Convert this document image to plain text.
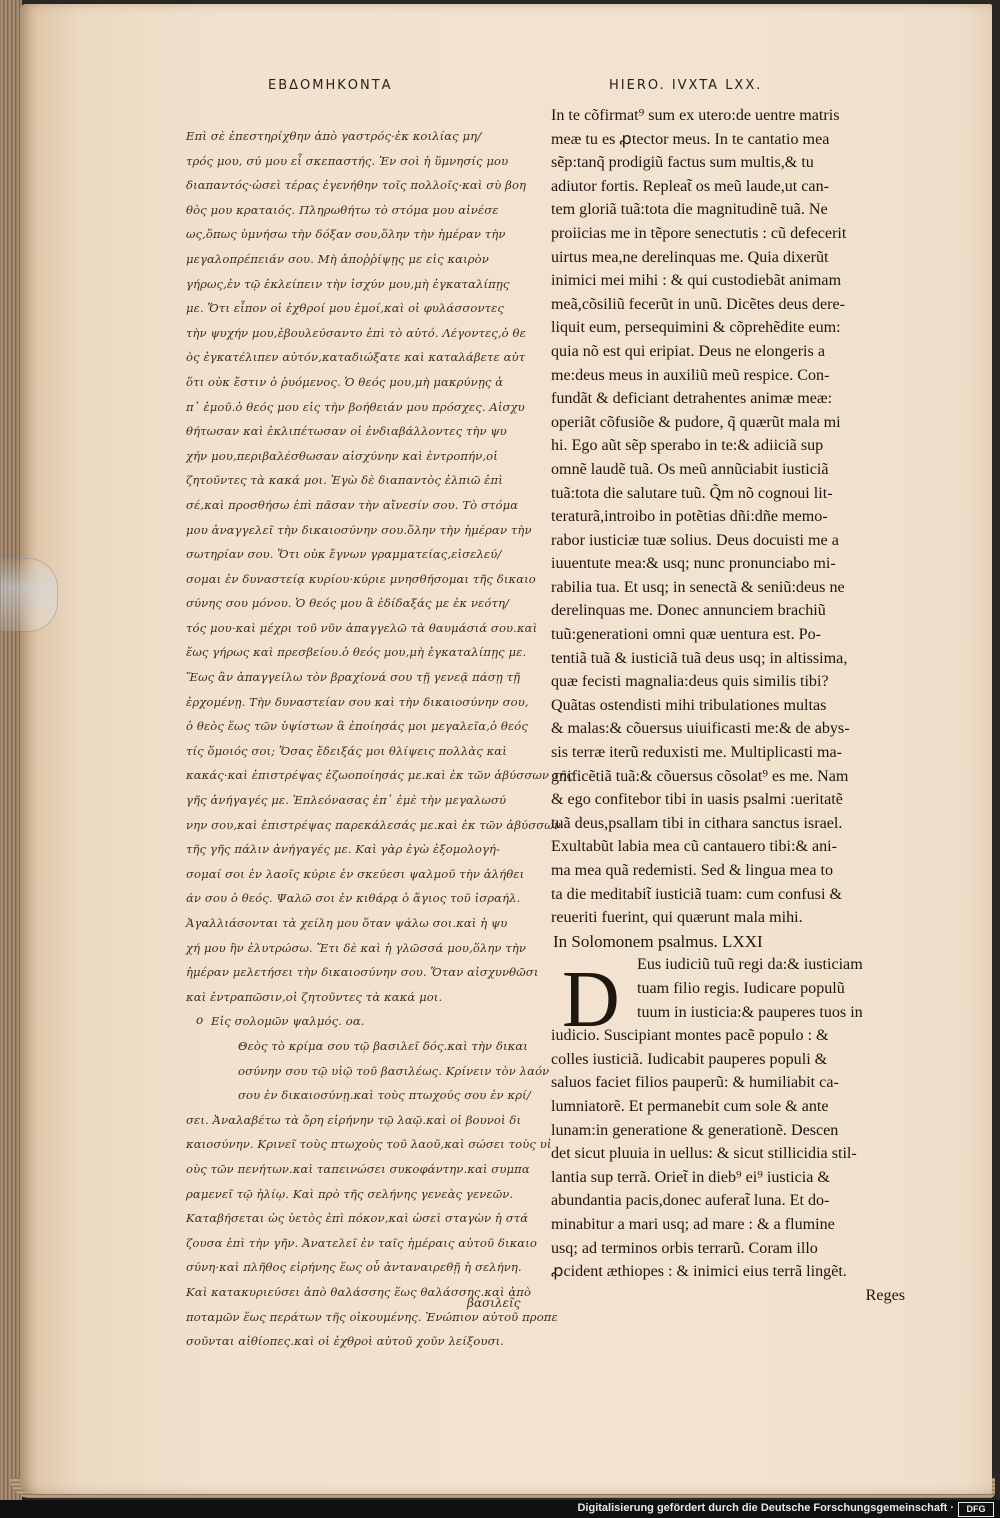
ΕΒΔΟΜΗΚΟΝΤΑ	HIERO. IVXTA LXX.
Επὶ σὲ ἐπεστηρίχθην ἀπὸ γαστρός·ἐκ κοιλίας μη/
τρός μου, σύ μου εἶ σκεπαστής. Ἐν σοὶ ἡ ὕμνησίς μου
διαπαντός·ὡσεὶ τέρας ἐγενήθην τοῖς πολλοῖς·καὶ σὺ βοη
θὸς μου κραταιός. Πληρωθήτω τὸ στόμα μου αἰνέσε
ως,ὅπως ὑμνήσω τὴν δόξαν σου,ὅλην τὴν ἡμέραν τὴν
μεγαλοπρέπειάν σου. Μὴ ἀποῤῥίψῃς με εἰς καιρὸν
γήρως,ἐν τῷ ἐκλείπειν τὴν ἰσχύν μου,μὴ ἐγκαταλίπῃς
με. Ὅτι εἶπον οἱ ἐχθροί μου ἐμοί,καὶ οἱ φυλάσσοντες
τὴν ψυχήν μου,ἐβουλεύσαντο ἐπὶ τὸ αὐτό. Λέγοντες,ὁ θε
ὸς ἐγκατέλιπεν αὐτόν,καταδιώξατε καὶ καταλάβετε αὐτ
ὅτι οὐκ ἔστιν ὁ ῥυόμενος. Ὁ θεός μου,μὴ μακρύνῃς ἀ
π᾽ ἐμοῦ.ὁ θεός μου εἰς τὴν βοήθειάν μου πρόσχες. Αἰσχυ
θήτωσαν καὶ ἐκλιπέτωσαν οἱ ἐνδιαβάλλοντες τὴν ψυ
χήν μου,περιβαλέσθωσαν αἰσχύνην καὶ ἐντροπήν,οἱ
ζητοῦντες τὰ κακά μοι. Ἐγὼ δὲ διαπαντὸς ἐλπιῶ ἐπὶ
σέ,καὶ προσθήσω ἐπὶ πᾶσαν τὴν αἴνεσίν σου. Τὸ στόμα
μου ἀναγγελεῖ τὴν δικαιοσύνην σου.ὅλην τὴν ἡμέραν τὴν
σωτηρίαν σου. Ὅτι οὐκ ἔγνων γραμματείας,εἰσελεύ/
σομαι ἐν δυναστείᾳ κυρίου·κύριε μνησθήσομαι τῆς δικαιο
σύνης σου μόνου. Ὁ θεός μου ἃ ἐδίδαξάς με ἐκ νεότη/
τός μου·καὶ μέχρι τοῦ νῦν ἀπαγγελῶ τὰ θαυμάσιά σου.καὶ
ἕως γήρως καὶ πρεσβείου.ὁ θεός μου,μὴ ἐγκαταλίπῃς με.
Ἕως ἂν ἀπαγγείλω τὸν βραχίονά σου τῇ γενεᾷ πάσῃ τῇ
ἐρχομένῃ. Τὴν δυναστείαν σου καὶ τὴν δικαιοσύνην σου,
ὁ θεὸς ἕως τῶν ὑψίστων ἃ ἐποίησάς μοι μεγαλεῖα,ὁ θεός
τίς ὅμοιός σοι; Ὅσας ἔδειξάς μοι θλίψεις πολλὰς καὶ
κακάς·καὶ ἐπιστρέψας ἐζωοποίησάς με.καὶ ἐκ τῶν ἀβύσσων τῆς
γῆς ἀνήγαγές με. Ἐπλεόνασας ἐπ᾽ ἐμὲ τὴν μεγαλωσύ
νην σου,καὶ ἐπιστρέψας παρεκάλεσάς με.καὶ ἐκ τῶν ἀβύσσων
τῆς γῆς πάλιν ἀνήγαγές με. Καὶ γὰρ ἐγὼ ἐξομολογή-
σομαί σοι ἐν λαοῖς κύριε ἐν σκεύεσι ψαλμοῦ τὴν ἀλήθει
άν σου ὁ θεός. Ψαλῶ σοι ἐν κιθάρᾳ ὁ ἅγιος τοῦ ἰσραήλ.
Ἀγαλλιάσονται τὰ χείλη μου ὅταν ψάλω σοι.καὶ ἡ ψυ
χή μου ἣν ἐλυτρώσω. Ἔτι δὲ καὶ ἡ γλῶσσά μου,ὅλην τὴν
ἡμέραν μελετήσει τὴν δικαιοσύνην σου. Ὅταν αἰσχυνθῶσι
καὶ ἐντραπῶσιν,οἱ ζητοῦντες τὰ κακά μοι.
Εἰς σολομῶν ψαλμός. οα.
Θεὸς τὸ κρίμα σου τῷ βασιλεῖ δός.καὶ τὴν δικαι
οσύνην σου τῷ υἱῷ τοῦ βασιλέως. Κρίνειν τὸν λαόν
σου ἐν δικαιοσύνῃ.καὶ τοὺς πτωχούς σου ἐν κρί/
σει. Ἀναλαβέτω τὰ ὄρη εἰρήνην τῷ λαῷ.καὶ οἱ βουνοὶ δι
καιοσύνην. Κρινεῖ τοὺς πτωχοὺς τοῦ λαοῦ,καὶ σώσει τοὺς υἱ
οὺς τῶν πενήτων.καὶ ταπεινώσει συκοφάντην.καὶ συμπα
ραμενεῖ τῷ ἡλίῳ. Καὶ πρὸ τῆς σελήνης γενεὰς γενεῶν.
Καταβήσεται ὡς ὑετὸς ἐπὶ πόκον,καὶ ὡσεὶ σταγὼν ἡ στά
ζουσα ἐπὶ τὴν γῆν. Ἀνατελεῖ ἐν ταῖς ἡμέραις αὐτοῦ δικαιο
σύνη·καὶ πλῆθος εἰρήνης ἕως οὗ ἀνταναιρεθῇ ἡ σελήνη.
Καὶ κατακυριεύσει ἀπὸ θαλάσσης ἕως θαλάσσης.καὶ ἀπὸ
ποταμῶν ἕως περάτων τῆς οἰκουμένης. Ἐνώπιον αὐτοῦ προπε
σοῦνται αἰθίοπες.καὶ οἱ ἐχθροὶ αὐτοῦ χοῦν λείξουσι.
ο
βασιλεῖς
In te cõfirmat⁹ sum ex utero:de uentre matris
meæ tu es ꝓtector meus. In te cantatio mea
sẽp:tanq̃ prodigiũ factus sum multis,& tu
adiutor fortis. Repleat̃ os meũ laude,ut can-
tem gloriã tuã:tota die magnitudinẽ tuã. Ne
proiicias me in tẽpore senectutis : cũ defecerit
uirtus mea,ne derelinquas me. Quia dixerũt
inimici mei mihi : & qui custodiebãt animam
meã,cõsiliũ fecerũt in unũ. Dicẽtes deus dere-
liquit eum, persequimini & cõprehẽdite eum:
quia nõ est qui eripiat. Deus ne elongeris a
me:deus meus in auxiliũ meũ respice. Con-
fundãt & deficiant detrahentes animæ meæ:
operiãt cõfusiõe & pudore, q̃ quærũt mala mi
hi. Ego aũt sẽp sperabo in te:& adiiciã sup
omnẽ laudẽ tuã. Os meũ annũciabit iusticiã
tuã:tota die salutare tuũ. Q̃m nõ cognoui lit-
teraturã,introibo in potẽtias dñi:dñe memo-
rabor iusticiæ tuæ solius. Deus docuisti me a
iuuentute mea:& usq; nunc pronunciabo mi-
rabilia tua. Et usq; in senectã & seniũ:deus ne
derelinquas me. Donec annunciem brachiũ
tuũ:generationi omni quæ uentura est. Po-
tentiã tuã & iusticiã tuã deus usq; in altissima,
quæ fecisti magnalia:deus quis similis tibi?
Quãtas ostendisti mihi tribulationes multas
& malas:& cõuersus uiuificasti me:& de abys-
sis terræ iterũ reduxisti me. Multiplicasti ma-
gnificẽtiã tuã:& cõuersus cõsolat⁹ es me. Nam
& ego confitebor tibi in uasis psalmi :ueritatẽ
tuã deus,psallam tibi in cithara sanctus israel.
Exultabũt labia mea cũ cantauero tibi:& ani-
ma mea quã redemisti. Sed & lingua mea to
ta die meditabit̃ iusticiã tuam: cum confusi &
reueriti fuerint, qui quærunt mala mihi.
In Solomonem psalmus. LXXI
Eus iudiciũ tuũ regi da:& iusticiam
tuam filio regis. Iudicare populũ
tuum in iusticia:& pauperes tuos in
iudicio. Suscipiant montes pacẽ populo : &
colles iusticiã. Iudicabit pauperes populi &
saluos faciet filios pauperũ: & humiliabit ca-
lumniatorẽ. Et permanebit cum sole & ante
lunam:in generatione & generationẽ. Descen
det sicut pluuia in uellus: & sicut stillicidia stil-
lantia sup terrã. Oriet̃ in dieb⁹ ei⁹ iusticia &
abundantia pacis,donec auferat̃ luna. Et do-
minabitur a mari usq; ad mare : & a flumine
usq; ad terminos orbis terrarũ. Coram illo
ꝓcident æthiopes : & inimici eius terrã lingẽt.
Reges
D
Digitalisierung gefördert durch die Deutsche Forschungsgemeinschaft ·	DFG
